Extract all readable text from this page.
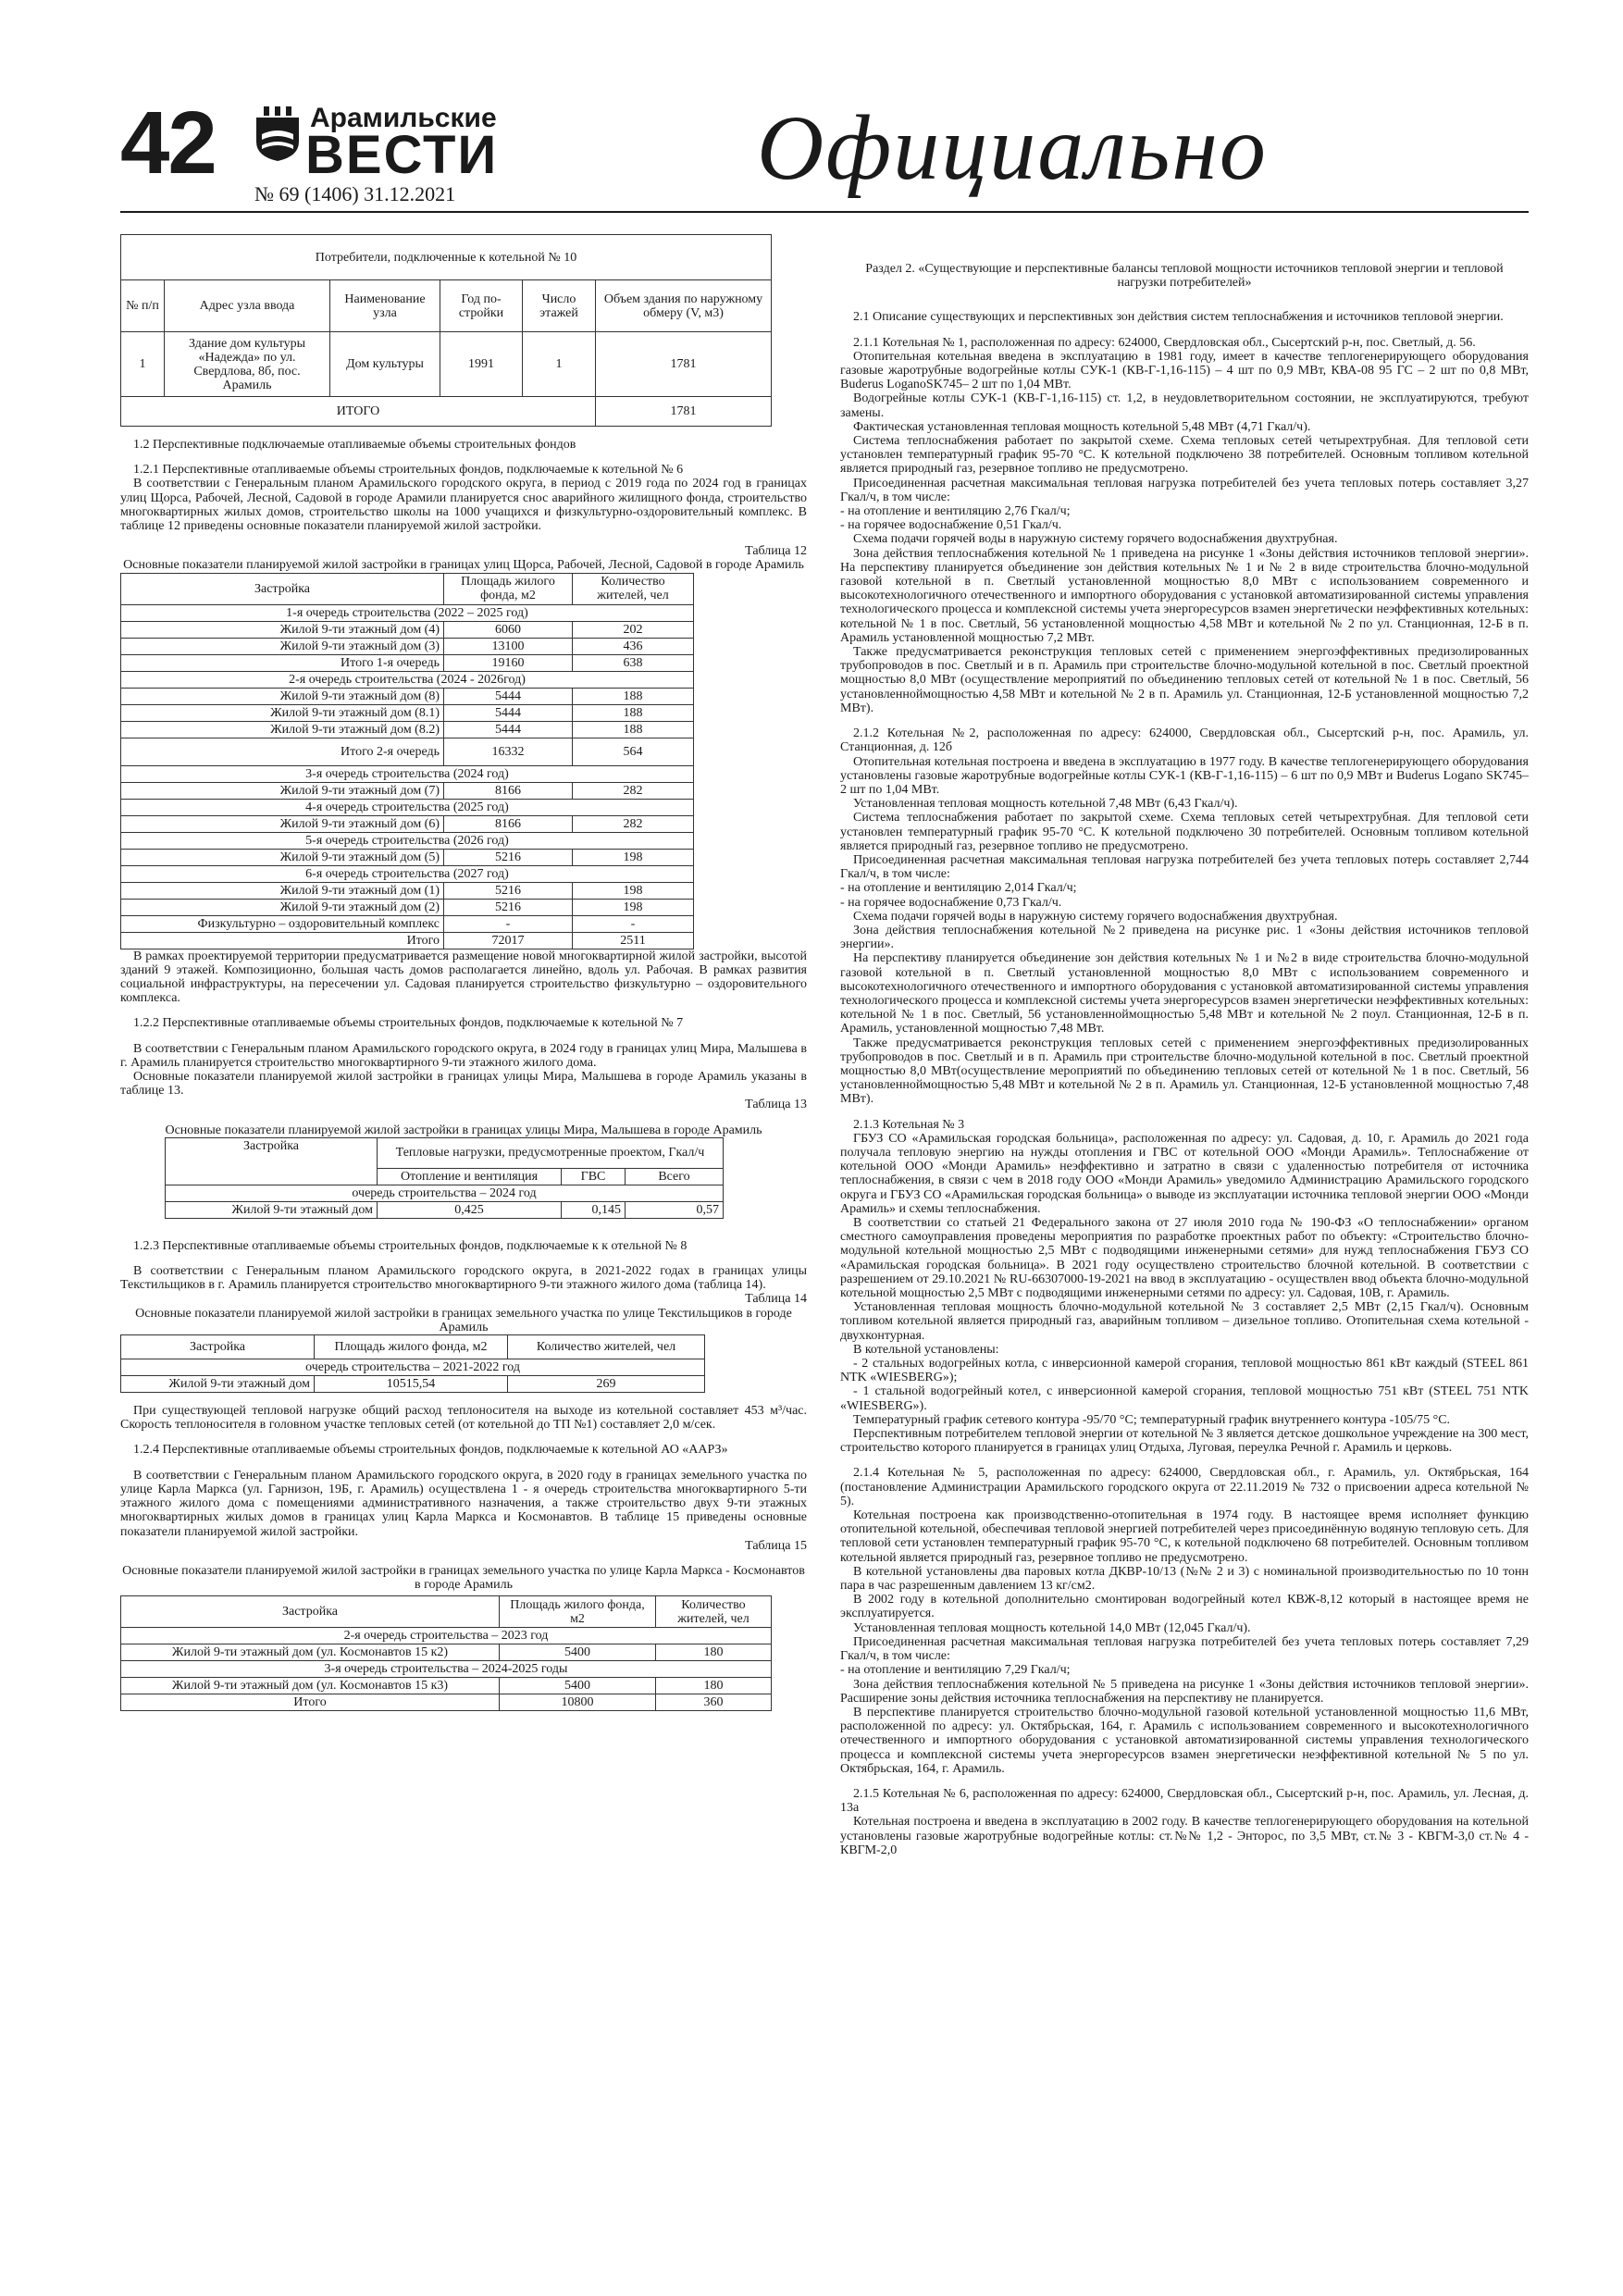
42	Арамильские
ВЕСТИ
№ 69 (1406) 31.12.2021	Официально
Потребители, подключенные к котельной № 10					
№ п/п	Адрес узла ввода	Наименование узла	Год по-стройки	Число этажей	Объем здания по наружному обмеру (V, м3)
1	Здание дом культуры «Надежда» по ул. Свердлова, 8б, пос. Арамиль	Дом культуры	1991	1	1781
ИТОГО					1781

1.2 Перспективные подключаемые отапливаемые объемы строительных фондов

1.2.1 Перспективные отапливаемые объемы строительных фондов, подключаемые к котельной № 6

В соответствии с Генеральным планом Арамильского городского округа, в период с 2019 года по 2024 год в границах улиц Щорса, Рабочей, Лесной, Садовой в городе Арамили планируется снос аварийного жилищного фонда, строительство многоквартирных жилых домов, строительство школы на 1000 учащихся и физкультурно-оздоровительный комплекс. В таблице 12 приведены основные показатели планируемой жилой застройки.

Таблица 12

Основные показатели планируемой жилой застройки в границах улиц Щорса, Рабочей, Лесной, Садовой в городе Арамиль

Застройка	Площадь жилого фонда, м2	Количество жителей, чел
1-я очередь строительства (2022 – 2025 год)		
Жилой 9-ти этажный дом (4)	6060	202
Жилой 9-ти этажный дом (3)	13100	436
Итого 1-я очередь	19160	638
2-я очередь строительства (2024 - 2026год)		
Жилой 9-ти этажный дом (8)	5444	188
Жилой 9-ти этажный дом (8.1)	5444	188
Жилой 9-ти этажный дом (8.2)	5444	188
Итого 2-я очередь	16332	564
3-я очередь строительства (2024 год)		
Жилой 9-ти этажный дом (7)	8166	282
4-я очередь строительства (2025 год)		
Жилой 9-ти этажный дом (6)	8166	282
5-я очередь строительства (2026 год)		
Жилой 9-ти этажный дом (5)	5216	198
6-я очередь строительства (2027 год)		
Жилой 9-ти этажный дом (1)	5216	198
Жилой 9-ти этажный дом (2)	5216	198
Физкультурно – оздоровительный комплекс	-	-
Итого	72017	2511

В рамках проектируемой территории предусматривается размещение новой многоквартирной жилой застройки, высотой зданий 9 этажей. Композиционно, большая часть домов располагается линейно, вдоль ул. Рабочая. В рамках развития социальной инфраструктуры, на пересечении ул. Садовая планируется строительство физкультурно – оздоровительного комплекса.

1.2.2 Перспективные отапливаемые объемы строительных фондов, подключаемые к котельной № 7

В соответствии с Генеральным планом Арамильского городского округа, в 2024 году в границах улиц Мира, Малышева в г. Арамиль планируется строительство многоквартирного 9-ти этажного жилого дома.

Основные показатели планируемой жилой застройки в границах улицы Мира, Малышева в городе Арамиль указаны в таблице 13.

Таблица 13

Основные показатели планируемой жилой застройки в границах улицы Мира, Малышева в городе Арамиль

Застройка	Тепловые нагрузки, предусмотренные проектом, Гкал/ч		
	Отопление и вентиляция	ГВС	Всего
очередь строительства – 2024 год			
Жилой 9-ти этажный дом	0,425	0,145	0,57

1.2.3 Перспективные отапливаемые объемы строительных фондов, подключаемые к к отельной № 8

В соответствии с Генеральным планом Арамильского городского округа, в 2021-2022 годах в границах улицы Текстильщиков в г. Арамиль планируется строительство многоквартирного 9-ти этажного жилого дома (таблица 14).

Таблица 14

Основные показатели планируемой жилой застройки в границах земельного участка по улице Текстильщиков в городе Арамиль

Застройка	Площадь жилого фонда, м2	Количество жителей, чел
очередь строительства – 2021-2022 год		
Жилой 9-ти этажный дом	10515,54	269

При существующей тепловой нагрузке общий расход теплоносителя на выходе из котельной составляет 453 м³/час. Скорость теплоносителя в головном участке тепловых сетей (от котельной до ТП №1) составляет 2,0 м/сек.

1.2.4 Перспективные отапливаемые объемы строительных фондов, подключаемые к котельной АО «ААРЗ»

В соответствии с Генеральным планом Арамильского городского округа, в 2020 году в границах земельного участка по улице Карла Маркса (ул. Гарнизон, 19Б, г. Арамиль) осуществлена 1 - я очередь строительства многоквартирного 5-ти этажного жилого дома с помещениями административного назначения, а также строительство двух 9-ти этажных многоквартирных жилых домов в границах улиц Карла Маркса и Космонавтов. В таблице 15 приведены основные показатели планируемой жилой застройки.

Таблица 15

Основные показатели планируемой жилой застройки в границах земельного участка по улице Карла Маркса - Космонавтов в городе Арамиль

Застройка	Площадь жилого фонда, м2	Количество жителей, чел
2-я очередь строительства – 2023 год		
Жилой 9-ти этажный дом (ул. Космонавтов 15 к2)	5400	180
3-я очередь строительства – 2024-2025 годы		
Жилой 9-ти этажный дом (ул. Космонавтов 15 к3)	5400	180
Итого	10800	360

Раздел 2. «Существующие и перспективные балансы тепловой мощности источников тепловой энергии и тепловой нагрузки потребителей»

2.1 Описание существующих и перспективных зон действия систем теплоснабжения и источников тепловой энергии.

2.1.1 Котельная № 1, расположенная по адресу: 624000, Свердловская обл., Сысертский р-н, пос. Светлый, д. 56.

Отопительная котельная введена в эксплуатацию в 1981 году, имеет в качестве теплогенерирующего оборудования газовые жаротрубные водогрейные котлы СУК-1 (КВ-Г-1,16-115) – 4 шт по 0,9 МВт, КВА-08 95 ГС – 2 шт по 0,8 МВт, Buderus LoganoSK745– 2 шт по 1,04 МВт.

Водогрейные котлы СУК-1 (КВ-Г-1,16-115) ст. 1,2, в неудовлетворительном состоянии, не эксплуатируются, требуют замены.

Фактическая установленная тепловая мощность котельной 5,48 МВт (4,71 Гкал/ч).

Система теплоснабжения работает по закрытой схеме. Схема тепловых сетей четырехтрубная. Для тепловой сети установлен температурный график 95-70 °С. К котельной подключено 38 потребителей. Основным топливом котельной является природный газ, резервное топливо не предусмотрено.

Присоединенная расчетная максимальная тепловая нагрузка потребителей без учета тепловых потерь составляет 3,27 Гкал/ч, в том числе:

- на отопление и вентиляцию 2,76 Гкал/ч;

- на горячее водоснабжение 0,51 Гкал/ч.

Схема подачи горячей воды в наружную систему горячего водоснабжения двухтрубная.

Зона действия теплоснабжения котельной № 1 приведена на рисунке 1 «Зоны действия источников тепловой энергии». На перспективу планируется объединение зон действия котельных № 1 и № 2 в виде строительства блочно-модульной газовой котельной в п. Светлый установленной мощностью 8,0 МВт с использованием современного и высокотехнологичного отечественного и импортного оборудования с установкой автоматизированной системы управления технологического процесса и комплексной системы учета энергоресурсов взамен энергетически неэффективных котельных: котельной № 1 в пос. Светлый, 56 установленной мощностью 4,58 МВт и котельной № 2 по ул. Станционная, 12-Б в п. Арамиль установленной мощностью 7,2 МВт.

Также предусматривается реконструкция тепловых сетей с применением энергоэффективных предизолированных трубопроводов в пос. Светлый и в п. Арамиль при строительстве блочно-модульной котельной в пос. Светлый проектной мощностью 8,0 МВт (осуществление мероприятий по объединению тепловых сетей от котельной № 1 в пос. Светлый, 56 установленноймощностью 4,58 МВт и котельной № 2 в п. Арамиль ул. Станционная, 12-Б установленной мощностью 7,2 МВт).

2.1.2 Котельная №2, расположенная по адресу: 624000, Свердловская обл., Сысертский р-н, пос. Арамиль, ул. Станционная, д. 12б

Отопительная котельная построена и введена в эксплуатацию в 1977 году. В качестве теплогенерирующего оборудования установлены газовые жаротрубные водогрейные котлы СУК-1 (КВ-Г-1,16-115) – 6 шт по 0,9 МВт и Buderus Logano SK745– 2 шт по 1,04 МВт.

Установленная тепловая мощность котельной 7,48 МВт (6,43 Гкал/ч).

Система теплоснабжения работает по закрытой схеме. Схема тепловых сетей четырехтрубная. Для тепловой сети установлен температурный график 95-70 °С. К котельной подключено 30 потребителей. Основным топливом котельной является природный газ, резервное топливо не предусмотрено.

Присоединенная расчетная максимальная тепловая нагрузка потребителей без учета тепловых потерь составляет 2,744 Гкал/ч, в том числе:

- на отопление и вентиляцию 2,014 Гкал/ч;

- на горячее водоснабжение 0,73 Гкал/ч.

Схема подачи горячей воды в наружную систему горячего водоснабжения двухтрубная.

Зона действия теплоснабжения котельной №2 приведена на рисунке рис. 1 «Зоны действия источников тепловой энергии».

На перспективу планируется объединение зон действия котельных № 1 и №2 в виде строительства блочно-модульной газовой котельной в п. Светлый установленной мощностью 8,0 МВт с использованием современного и высокотехнологичного отечественного и импортного оборудования с установкой автоматизированной системы управления технологического процесса и комплексной системы учета энергоресурсов взамен энергетически неэффективных котельных: котельной № 1 в пос. Светлый, 56 установленноймощностью 5,48 МВт и котельной № 2 поул. Станционная, 12-Б в п. Арамиль, установленной мощностью 7,48 МВт.

Также предусматривается реконструкция тепловых сетей с применением энергоэффективных предизолированных трубопроводов в пос. Светлый и в п. Арамиль при строительстве блочно-модульной котельной в пос. Светлый проектной мощностью 8,0 МВт(осуществление мероприятий по объединению тепловых сетей от котельной № 1 в пос. Светлый, 56 установленноймощностью 5,48 МВт и котельной № 2 в п. Арамиль ул. Станционная, 12-Б установленной мощностью 7,48 МВт).

2.1.3 Котельная № 3

ГБУЗ СО «Арамильская городская больница», расположенная по адресу: ул. Садовая, д. 10, г. Арамиль до 2021 года получала тепловую энергию на нужды отопления и ГВС от котельной ООО «Монди Арамиль». Теплоснабжение от котельной ООО «Монди Арамиль» неэффективно и затратно в связи с удаленностью потребителя от источника теплоснабжения, в связи с чем в 2018 году ООО «Монди Арамиль» уведомило Администрацию Арамильского городского округа и ГБУЗ СО «Арамильская городская больница» о выводе из эксплуатации источника тепловой энергии ООО «Монди Арамиль» и схемы теплоснабжения.

В соответствии со статьей 21 Федерального закона от 27 июля 2010 года № 190-ФЗ «О теплоснабжении» органом сместного самоуправления проведены мероприятия по разработке проектных работ по объекту: «Строительство блочно-модульной котельной мощностью 2,5 МВт с подводящими инженерными сетями» для нужд теплоснабжения ГБУЗ СО «Арамильская городская больница». В 2021 году осуществлено строительство блочной котельной. В соответствии с разрешением от 29.10.2021 № RU-66307000-19-2021 на ввод в эксплуатацию - осуществлен ввод объекта блочно-модульной котельной мощностью 2,5 МВт с подводящими инженерными сетями по адресу: ул. Садовая, 10В, г. Арамиль.

Установленная тепловая мощность блочно-модульной котельной № 3 составляет 2,5 МВт (2,15 Гкал/ч). Основным топливом котельной является природный газ, аварийным топливом – дизельное топливо. Отопительная схема котельной - двухконтурная.

В котельной установлены:

- 2 стальных водогрейных котла, с инверсионной камерой сгорания, тепловой мощностью 861 кВт каждый (STEEL 861 NTK «WIESBERG»);

- 1 стальной водогрейный котел, с инверсионной камерой сгорания, тепловой мощностью 751 кВт (STEEL 751 NTK «WIESBERG»).

Температурный график сетевого контура -95/70 °С; температурный график внутреннего контура -105/75 °С.

Перспективным потребителем тепловой энергии от котельной № 3 является детское дошкольное учреждение на 300 мест, строительство которого планируется в границах улиц Отдыха, Луговая, переулка Речной г. Арамиль и церковь.

2.1.4 Котельная № 5, расположенная по адресу: 624000, Свердловская обл., г. Арамиль, ул. Октябрьская, 164 (постановление Администрации Арамильского городского округа от 22.11.2019 № 732 о присвоении адреса котельной № 5).

Котельная построена как производственно-отопительная в 1974 году. В настоящее время исполняет функцию отопительной котельной, обеспечивая тепловой энергией потребителей через присоединённую водяную тепловую сеть. Для тепловой сети установлен температурный график 95-70 °С, к котельной подключено 68 потребителей. Основным топливом котельной является природный газ, резервное топливо не предусмотрено.

В котельной установлены два паровых котла ДКВР-10/13 (№№ 2 и 3) с номинальной производительностью по 10 тонн пара в час разрешенным давлением 13 кг/см2.

В 2002 году в котельной дополнительно смонтирован водогрейный котел КВЖ-8,12 который в настоящее время не эксплуатируется.

Установленная тепловая мощность котельной 14,0 МВт (12,045 Гкал/ч).

Присоединенная расчетная максимальная тепловая нагрузка потребителей без учета тепловых потерь составляет 7,29 Гкал/ч, в том числе:

- на отопление и вентиляцию 7,29 Гкал/ч;

Зона действия теплоснабжения котельной № 5 приведена на рисунке 1 «Зоны действия источников тепловой энергии». Расширение зоны действия источника теплоснабжения на перспективу не планируется.

В перспективе планируется строительство блочно-модульной газовой котельной установленной мощностью 11,6 МВт, расположенной по адресу: ул. Октябрьская, 164, г. Арамиль с использованием современного и высокотехнологичного отечественного и импортного оборудования с установкой автоматизированной системы управления технологического процесса и комплексной системы учета энергоресурсов взамен энергетически неэффективной котельной № 5 по ул. Октябрьская, 164, г. Арамиль.

2.1.5 Котельная № 6, расположенная по адресу: 624000, Свердловская обл., Сысертский р-н, пос. Арамиль, ул. Лесная, д. 13а

Котельная построена и введена в эксплуатацию в 2002 году. В качестве теплогенерирующего оборудования на котельной установлены газовые жаротрубные водогрейные котлы: ст.№№ 1,2 - Энторос, по 3,5 МВт, ст.№ 3 - КВГМ-3,0 ст.№ 4 - КВГМ-2,0
